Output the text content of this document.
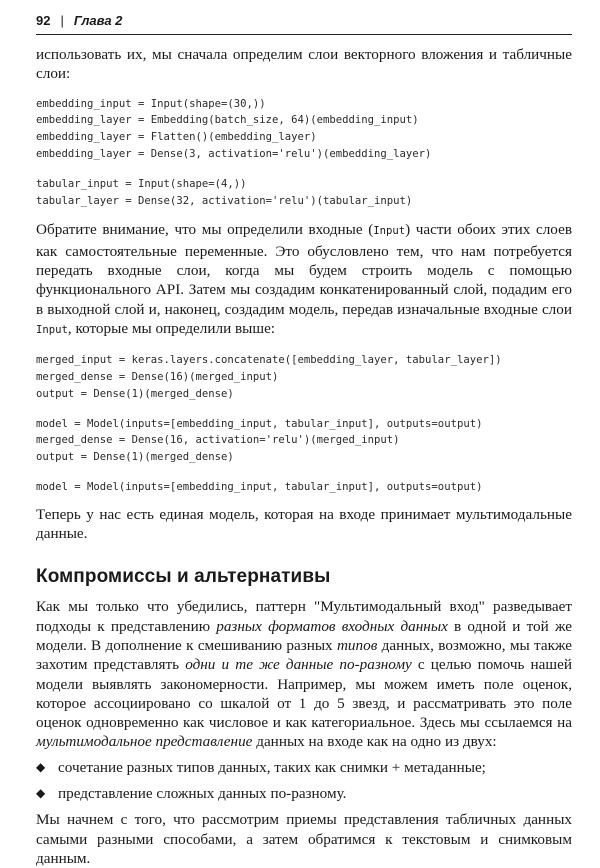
92 | Глава 2

использовать их, мы сначала определим слои векторного вложения и табличные слои:

embedding_input = Input(shape=(30,))
embedding_layer = Embedding(batch_size, 64)(embedding_input)
embedding_layer = Flatten()(embedding_layer)
embedding_layer = Dense(3, activation='relu')(embedding_layer)
tabular_input = Input(shape=(4,))
tabular_layer = Dense(32, activation='relu')(tabular_input)

Обратите внимание, что мы определили входные (Input) части обоих этих слоев как самостоятельные переменные. Это обусловлено тем, что нам потребуется передать входные слои, когда мы будем строить модель с помощью функционального API. Затем мы создадим конкатенированный слой, подадим его в выходной слой и, наконец, создадим модель, передав изначальные входные слои Input, которые мы определили выше:

merged_input = keras.layers.concatenate([embedding_layer, tabular_layer])
merged_dense = Dense(16)(merged_input)
output = Dense(1)(merged_dense)
model = Model(inputs=[embedding_input, tabular_input], outputs=output)
merged_dense = Dense(16, activation='relu')(merged_input)
output = Dense(1)(merged_dense)
model = Model(inputs=[embedding_input, tabular_input], outputs=output)

Теперь у нас есть единая модель, которая на входе принимает мультимодальные данные.

Компромиссы и альтернативы

Как мы только что убедились, паттерн "Мультимодальный вход" разведывает подходы к представлению разных форматов входных данных в одной и той же модели. В дополнение к смешиванию разных типов данных, возможно, мы также захотим представлять одни и те же данные по-разному с целью помочь нашей модели выявлять закономерности. Например, мы можем иметь поле оценок, которое ассоциировано со шкалой от 1 до 5 звезд, и рассматривать это поле оценок одновременно как числовое и как категориальное. Здесь мы ссылаемся на мультимодальное представление данных на входе как на одно из двух:

◆ сочетание разных типов данных, таких как снимки + метаданные;
◆ представление сложных данных по-разному.

Мы начнем с того, что рассмотрим приемы представления табличных данных самыми разными способами, а затем обратимся к текстовым и снимковым данным.
